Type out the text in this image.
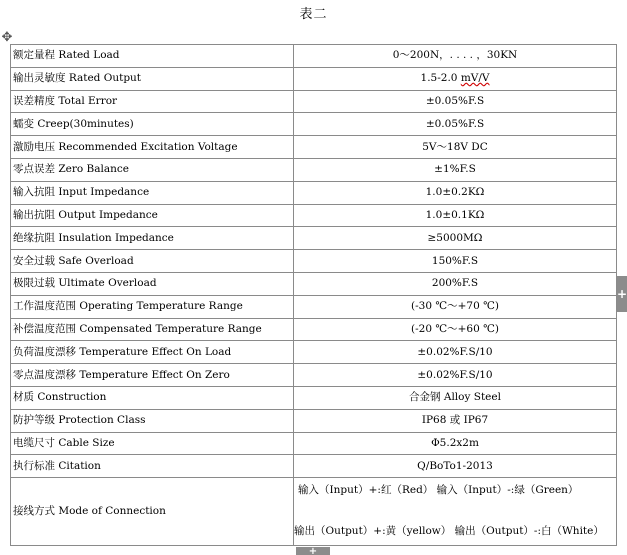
表二
✥
额定量程 Rated Load	0～200N，. . . . ，30KN
输出灵敏度 Rated Output	1.5-2.0 mV/V
误差精度 Total Error	±0.05%F.S
蠕变 Creep(30minutes)	±0.05%F.S
激励电压 Recommended Excitation Voltage	5V～18V DC
零点误差 Zero Balance	±1%F.S
输入抗阻 Input Impedance	1.0±0.2KΩ
输出抗阻 Output Impedance	1.0±0.1KΩ
绝缘抗阻 Insulation Impedance	≥5000MΩ
安全过载 Safe Overload	150%F.S
极限过载 Ultimate Overload	200%F.S
工作温度范围 Operating Temperature Range	(-30 ℃～+70 ℃)
补偿温度范围 Compensated Temperature Range	(-20 ℃～+60 ℃)
负荷温度漂移 Temperature Effect On Load	±0.02%F.S/10
零点温度漂移 Temperature Effect On Zero	±0.02%F.S/10
材质 Construction	合金钢 Alloy Steel
防护等级 Protection Class	IP68 或 IP67
电缆尺寸 Cable Size	Φ5.2x2m
执行标准 Citation	Q/BoTo1-2013
接线方式 Mode of Connection	输入（Input）+:红（Red） 输入（Input）-:绿（Green）
输出（Output）+:黄（yellow） 输出（Output）-:白（White）
+
+
